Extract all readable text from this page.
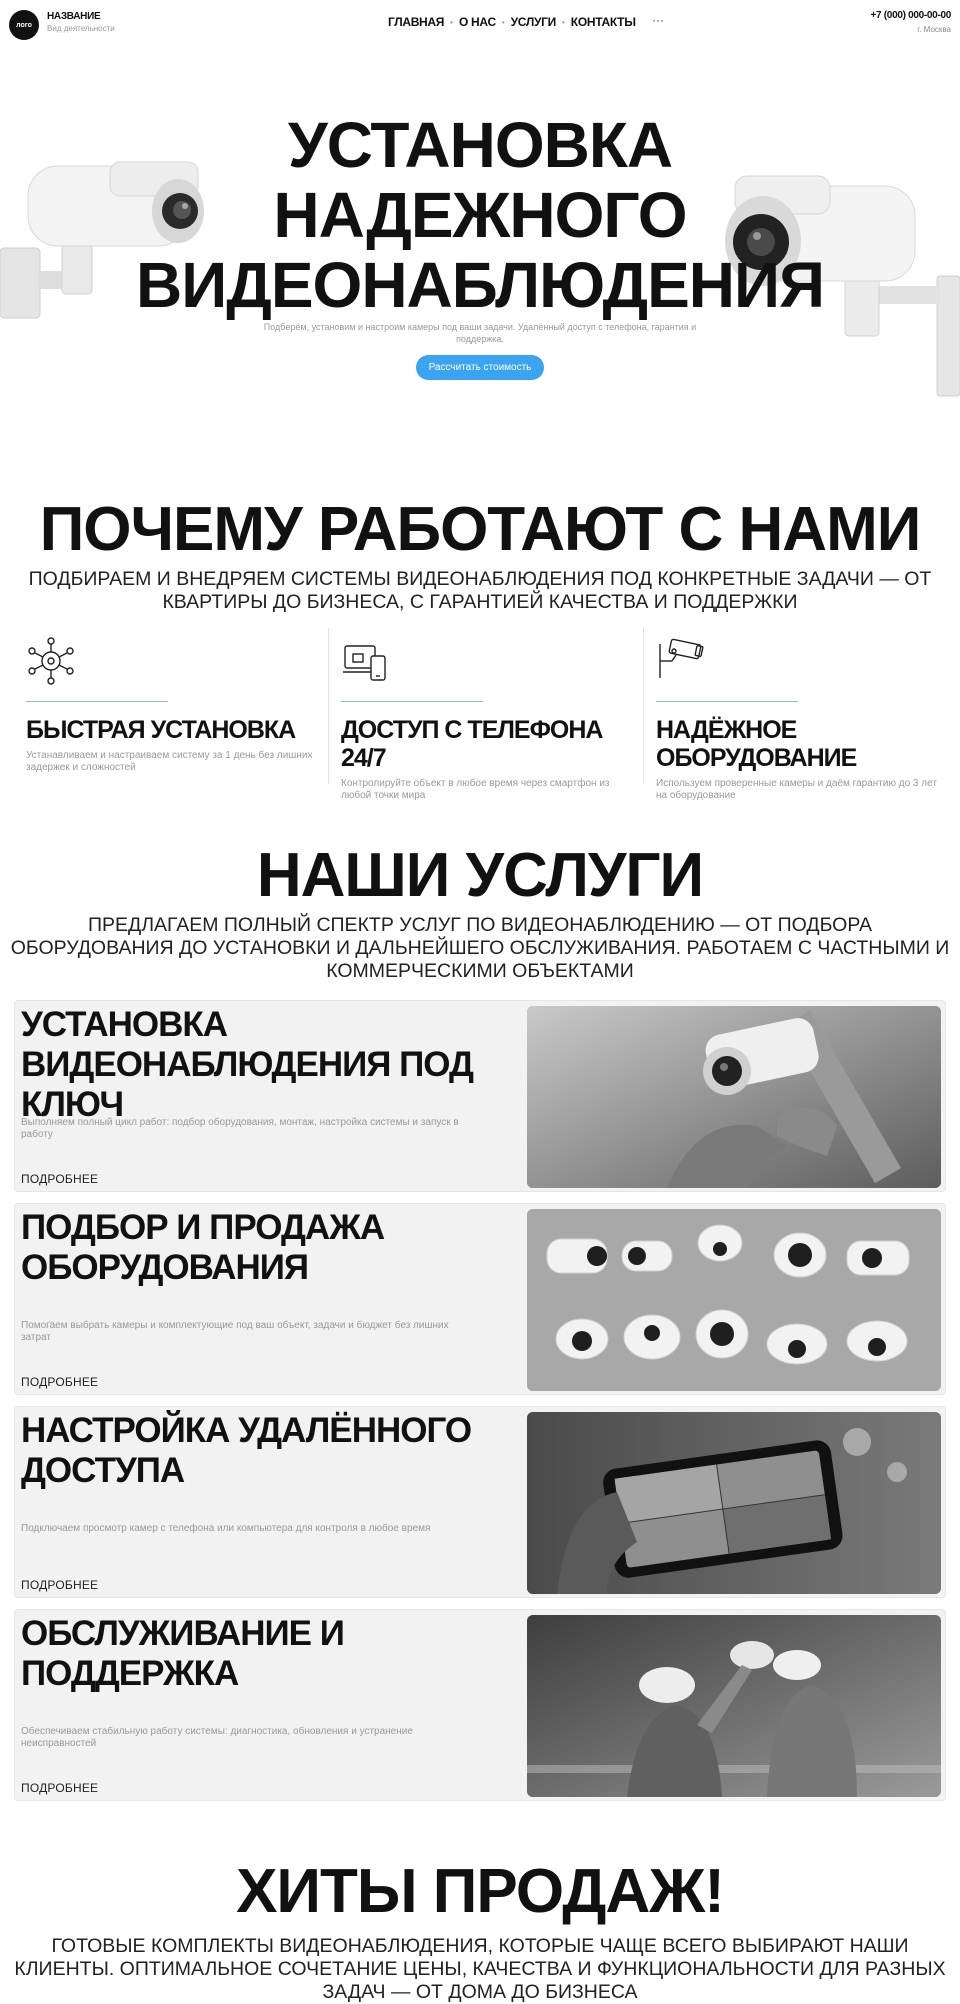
лого
НАЗВАНИЕ
Вид деятельности	ГЛАВНАЯ • О НАС • УСЛУГИ • КОНТАКТЫ ···	+7 (000) 000-00-00
г. Москва
УСТАНОВКА
НАДЕЖНОГО
ВИДЕОНАБЛЮДЕНИЯ

Подберём, установим и настроим камеры под ваши задачи. Удалённый доступ с телефона, гарантия и поддержка.

Рассчитать стоимость
ПОЧЕМУ РАБОТАЮТ С НАМИ

ПОДБИРАЕМ И ВНЕДРЯЕМ СИСТЕМЫ ВИДЕОНАБЛЮДЕНИЯ ПОД КОНКРЕТНЫЕ ЗАДАЧИ — ОТ КВАРТИРЫ ДО БИЗНЕСА, С ГАРАНТИЕЙ КАЧЕСТВА И ПОДДЕРЖКИ

БЫСТРАЯ УСТАНОВКА
Устанавливаем и настраиваем систему за 1 день без лишних задержек и сложностей
ДОСТУП С ТЕЛЕФОНА 24/7
Контролируйте объект в любое время через смартфон из любой точки мира
НАДЁЖНОЕ ОБОРУДОВАНИЕ
Используем проверенные камеры и даём гарантию до 3 лет на оборудование
НАШИ УСЛУГИ

ПРЕДЛАГАЕМ ПОЛНЫЙ СПЕКТР УСЛУГ ПО ВИДЕОНАБЛЮДЕНИЮ — ОТ ПОДБОРА ОБОРУДОВАНИЯ ДО УСТАНОВКИ И ДАЛЬНЕЙШЕГО ОБСЛУЖИВАНИЯ. РАБОТАЕМ С ЧАСТНЫМИ И КОММЕРЧЕСКИМИ ОБЪЕКТАМИ

УСТАНОВКА ВИДЕОНАБЛЮДЕНИЯ ПОД КЛЮЧ
Выполняем полный цикл работ: подбор оборудования, монтаж, настройка системы и запуск в работу
ПОДРОБНЕЕ
ПОДБОР И ПРОДАЖА ОБОРУДОВАНИЯ
Помогаем выбрать камеры и комплектующие под ваш объект, задачи и бюджет без лишних затрат
ПОДРОБНЕЕ
НАСТРОЙКА УДАЛЁННОГО ДОСТУПА
Подключаем просмотр камер с телефона или компьютера для контроля в любое время
ПОДРОБНЕЕ
ОБСЛУЖИВАНИЕ И ПОДДЕРЖКА
Обеспечиваем стабильную работу системы: диагностика, обновления и устранение неисправностей
ПОДРОБНЕЕ
ХИТЫ ПРОДАЖ!

ГОТОВЫЕ КОМПЛЕКТЫ ВИДЕОНАБЛЮДЕНИЯ, КОТОРЫЕ ЧАЩЕ ВСЕГО ВЫБИРАЮТ НАШИ КЛИЕНТЫ. ОПТИМАЛЬНОЕ СОЧЕТАНИЕ ЦЕНЫ, КАЧЕСТВА И ФУНКЦИОНАЛЬНОСТИ ДЛЯ РАЗНЫХ ЗАДАЧ — ОТ ДОМА ДО БИЗНЕСА
